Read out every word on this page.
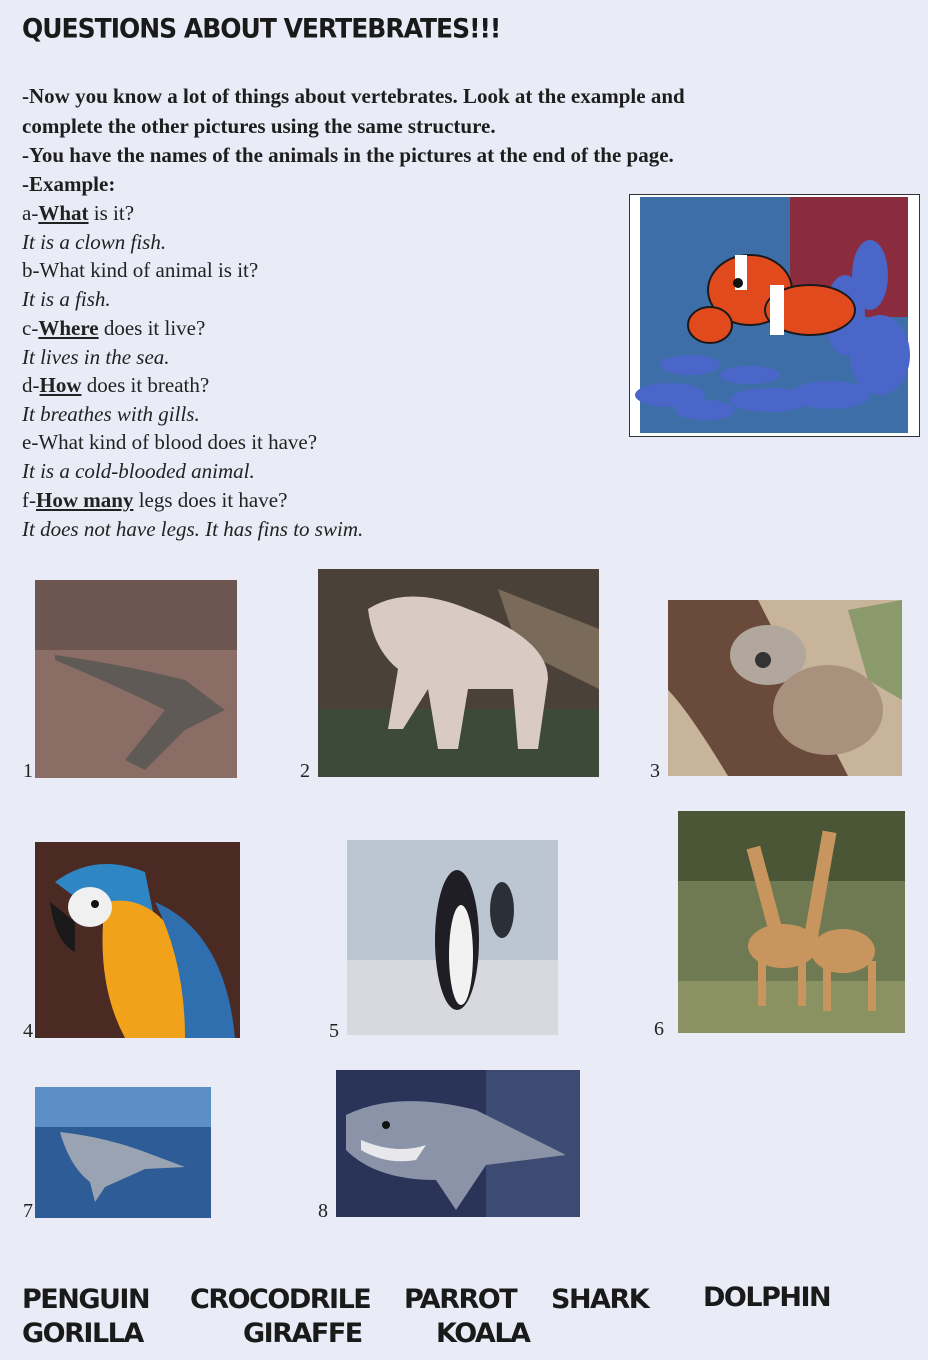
QUESTIONS ABOUT VERTEBRATES!!!
-Now you know a lot of things about vertebrates. Look at the example and
complete the other pictures using the same structure.
-You have the names of the animals in the pictures at the end of the page.
-Example:
a-What is it?
It is a clown fish.
b-What kind of animal is it?
It is a fish.
c-Where does it live?
It lives in the sea.
d-How does it breath?
It breathes with gills.
e-What kind of blood does it have?
It is a cold-blooded animal.
f-How many legs does it have?
It does not have legs. It has fins to swim.
1	2	3
4	5	6
7	8
PENGUIN CROCODRILE PARROT SHARK DOLPHIN
GORILLA	GIRAFFE	KOALA
